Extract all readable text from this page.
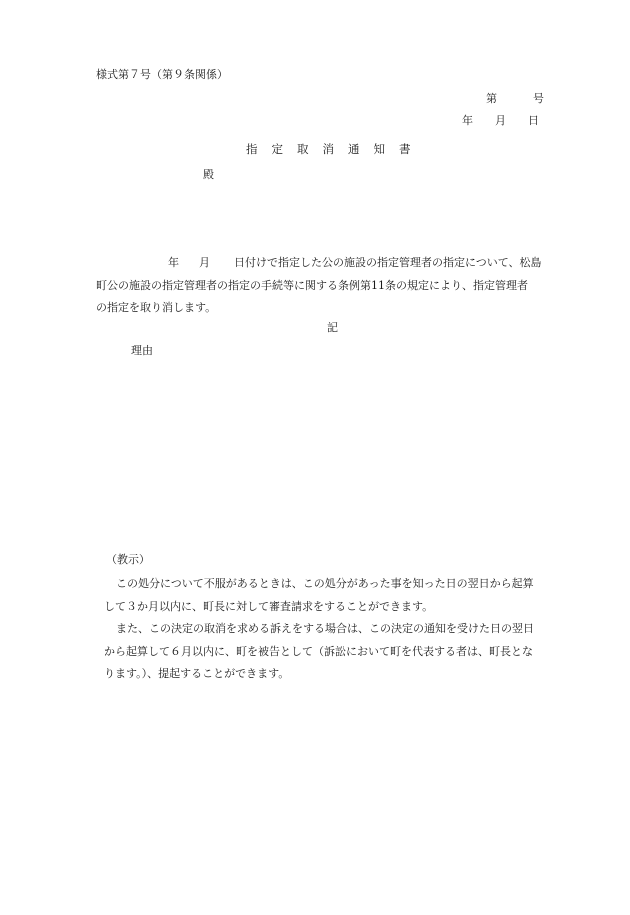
様式第７号（第９条関係）
第	号
年 月 日
指定取消通知書
殿
年 月 日付けで指定した公の施設の指定管理者の指定について、松島
町公の施設の指定管理者の指定の手続等に関する条例第11条の規定により、指定管理者
の指定を取り消します。
記
理由
（教示）
この処分について不服があるときは、この処分があった事を知った日の翌日から起算
して３か月以内に、町長に対して審査請求をすることができます。
また、この決定の取消を求める訴えをする場合は、この決定の通知を受けた日の翌日
から起算して６月以内に、町を被告として（訴訟において町を代表する者は、町長とな
ります。）、提起することができます。
